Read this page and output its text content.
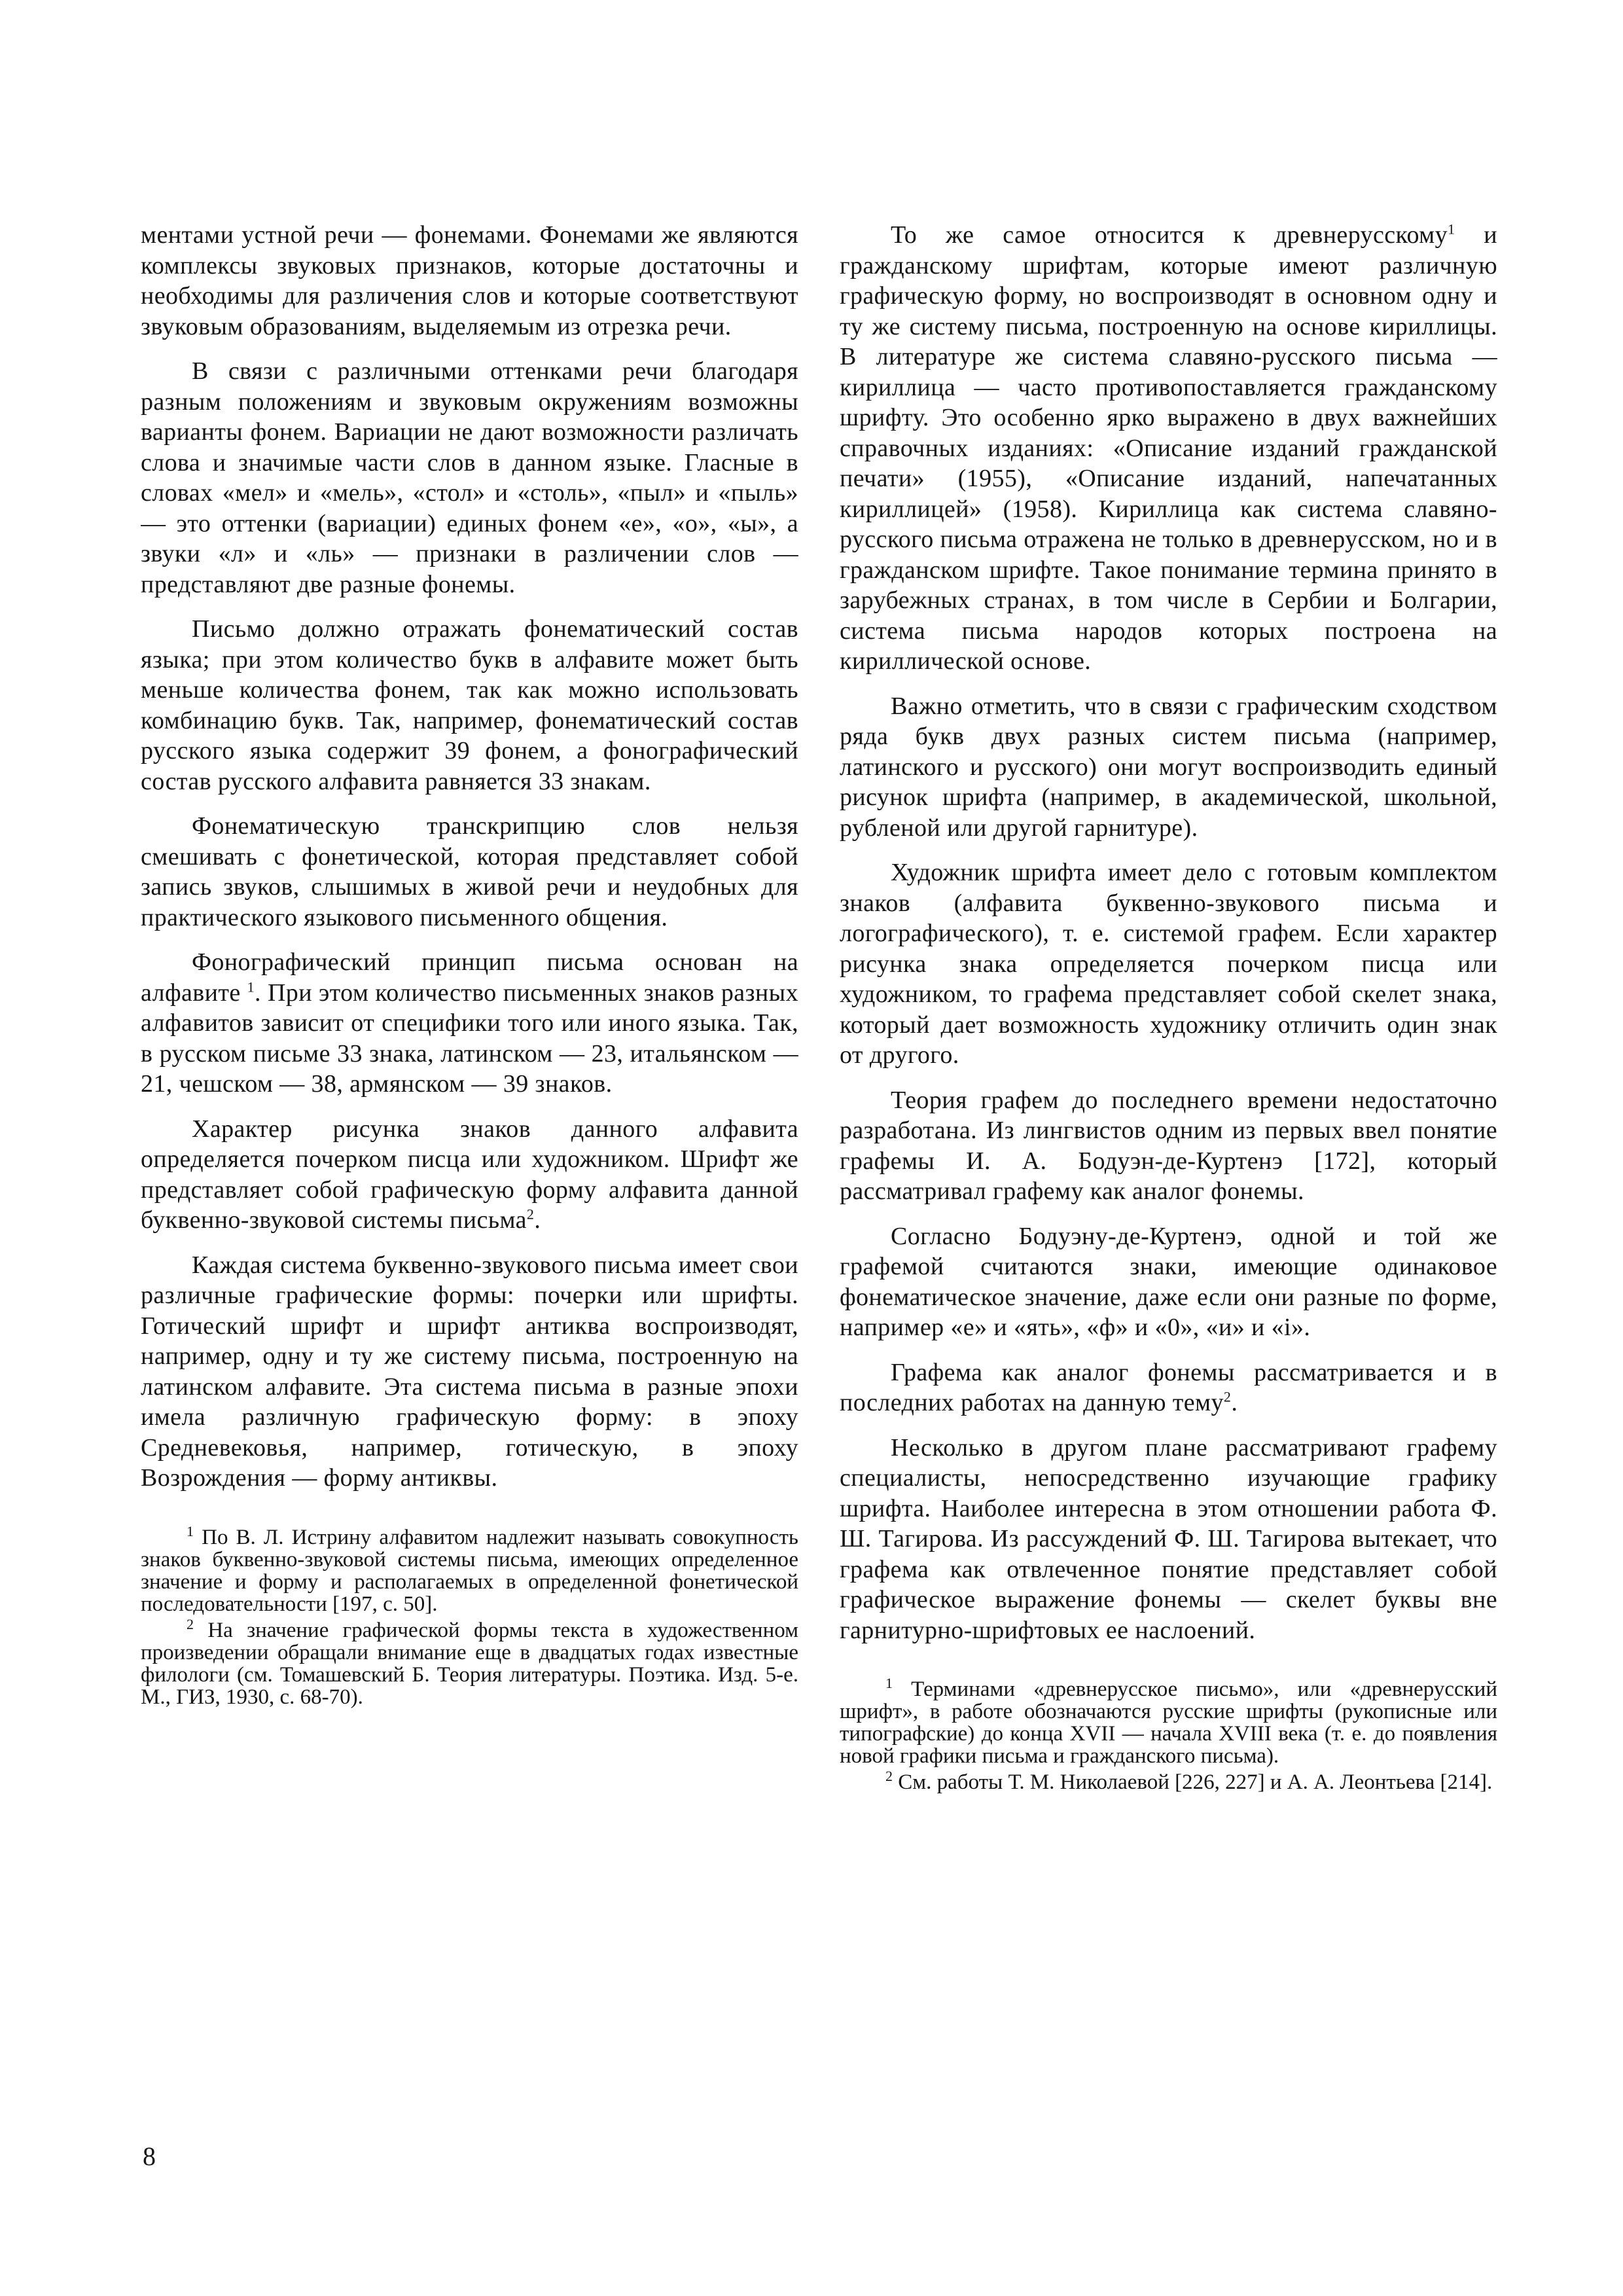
ментами устной речи — фонемами. Фонемами же являются комплексы звуковых признаков, которые достаточны и необходимы для различения слов и которые соответствуют звуковым образованиям, выделяемым из отрезка речи.

В связи с различными оттенками речи благодаря разным положениям и звуковым окружениям возможны варианты фонем. Вариации не дают возможности различать слова и значимые части слов в данном языке. Гласные в словах «мел» и «мель», «стол» и «столь», «пыл» и «пыль» — это оттенки (вариации) единых фонем «е», «о», «ы», а звуки «л» и «ль» — признаки в различении слов — представляют две разные фонемы.

Письмо должно отражать фонематический состав языка; при этом количество букв в алфавите может быть меньше количества фонем, так как можно использовать комбинацию букв. Так, например, фонематический состав русского языка содержит 39 фонем, а фонографический состав русского алфавита равняется 33 знакам.

Фонематическую транскрипцию слов нельзя смешивать с фонетической, которая представляет собой запись звуков, слышимых в живой речи и неудобных для практического языкового письменного общения.

Фонографический принцип письма основан на алфавите $^1$. При этом количество письменных знаков разных алфавитов зависит от специфики того или иного языка. Так, в русском письме 33 знака, латинском — 23, итальянском — 21, чешском — 38, армянском — 39 знаков.

Характер рисунка знаков данного алфавита определяется почерком писца или художником. Шрифт же представляет собой графическую форму алфавита данной буквенно-звуковой системы письма$^2$.

Каждая система буквенно-звукового письма имеет свои различные графические формы: почерки или шрифты. Готический шрифт и шрифт антиква воспроизводят, например, одну и ту же систему письма, построенную на латинском алфавите. Эта система письма в разные эпохи имела различную графическую форму: в эпоху Средневековья, например, готическую, в эпоху Возрождения — форму антиквы.

$^1$ По В. Л. Истрину алфавитом надлежит называть совокупность знаков буквенно-звуковой системы письма, имеющих определенное значение и форму и располагаемых в определенной фонетической последовательности [197, с. 50].

$^2$ На значение графической формы текста в художественном произведении обращали внимание еще в двадцатых годах известные филологи (см. Томашевский Б. Теория литературы. Поэтика. Изд. 5-е. М., ГИЗ, 1930, с. 68-70).

То же самое относится к древнерусскому$^1$ и гражданскому шрифтам, которые имеют различную графическую форму, но воспроизводят в основном одну и ту же систему письма, построенную на основе кириллицы. В литературе же система славяно-русского письма — кириллица — часто противопоставляется гражданскому шрифту. Это особенно ярко выражено в двух важнейших справочных изданиях: «Описание изданий гражданской печати» (1955), «Описание изданий, напечатанных кириллицей» (1958). Кириллица как система славяно-русского письма отражена не только в древнерусском, но и в гражданском шрифте. Такое понимание термина принято в зарубежных странах, в том числе в Сербии и Болгарии, система письма народов которых построена на кириллической основе.

Важно отметить, что в связи с графическим сходством ряда букв двух разных систем письма (например, латинского и русского) они могут воспроизводить единый рисунок шрифта (например, в академической, школьной, рубленой или другой гарнитуре).

Художник шрифта имеет дело с готовым комплектом знаков (алфавита буквенно-звукового письма и логографического), т. е. системой графем. Если характер рисунка знака определяется почерком писца или художником, то графема представляет собой скелет знака, который дает возможность художнику отличить один знак от другого.

Теория графем до последнего времени недостаточно разработана. Из лингвистов одним из первых ввел понятие графемы И. А. Бодуэн-де-Куртенэ [172], который рассматривал графему как аналог фонемы.

Согласно Бодуэну-де-Куртенэ, одной и той же графемой считаются знаки, имеющие одинаковое фонематическое значение, даже если они разные по форме, например «е» и «ять», «ф» и «0», «и» и «і».

Графема как аналог фонемы рассматривается и в последних работах на данную тему$^2$.

Несколько в другом плане рассматривают графему специалисты, непосредственно изучающие графику шрифта. Наиболее интересна в этом отношении работа Ф. Ш. Тагирова. Из рассуждений Ф. Ш. Тагирова вытекает, что графема как отвлеченное понятие представляет собой графическое выражение фонемы — скелет буквы вне гарнитурно-шрифтовых ее наслоений.

$^1$ Терминами «древнерусское письмо», или «древнерусский шрифт», в работе обозначаются русские шрифты (рукописные или типографские) до конца XVII — начала XVIII века (т. е. до появления новой графики письма и гражданского письма).

$^2$ См. работы Т. М. Николаевой [226, 227] и А. А. Леонтьева [214].

8
